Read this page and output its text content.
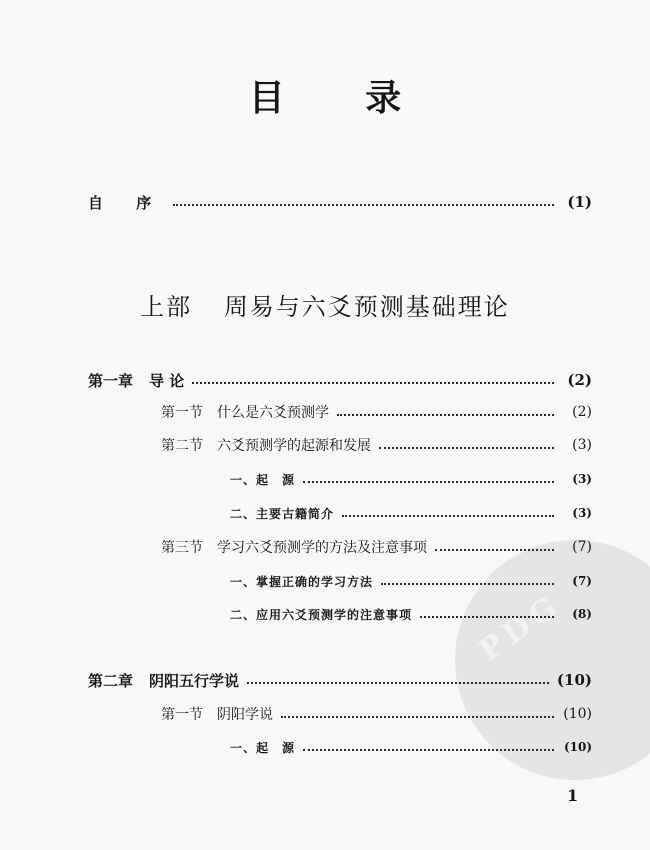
PDG
目 录
自 序	(1)
上部 周易与六爻预测基础理论
第一章 导 论	(2)
第一节 什么是六爻预测学	(2)
第二节 六爻预测学的起源和发展	(3)
一、起　源	(3)
二、主要古籍简介	(3)
第三节 学习六爻预测学的方法及注意事项	(7)
一、掌握正确的学习方法	(7)
二、应用六爻预测学的注意事项	(8)
第二章 阴阳五行学说	(10)
第一节 阴阳学说	(10)
一、起　源	(10)
1
